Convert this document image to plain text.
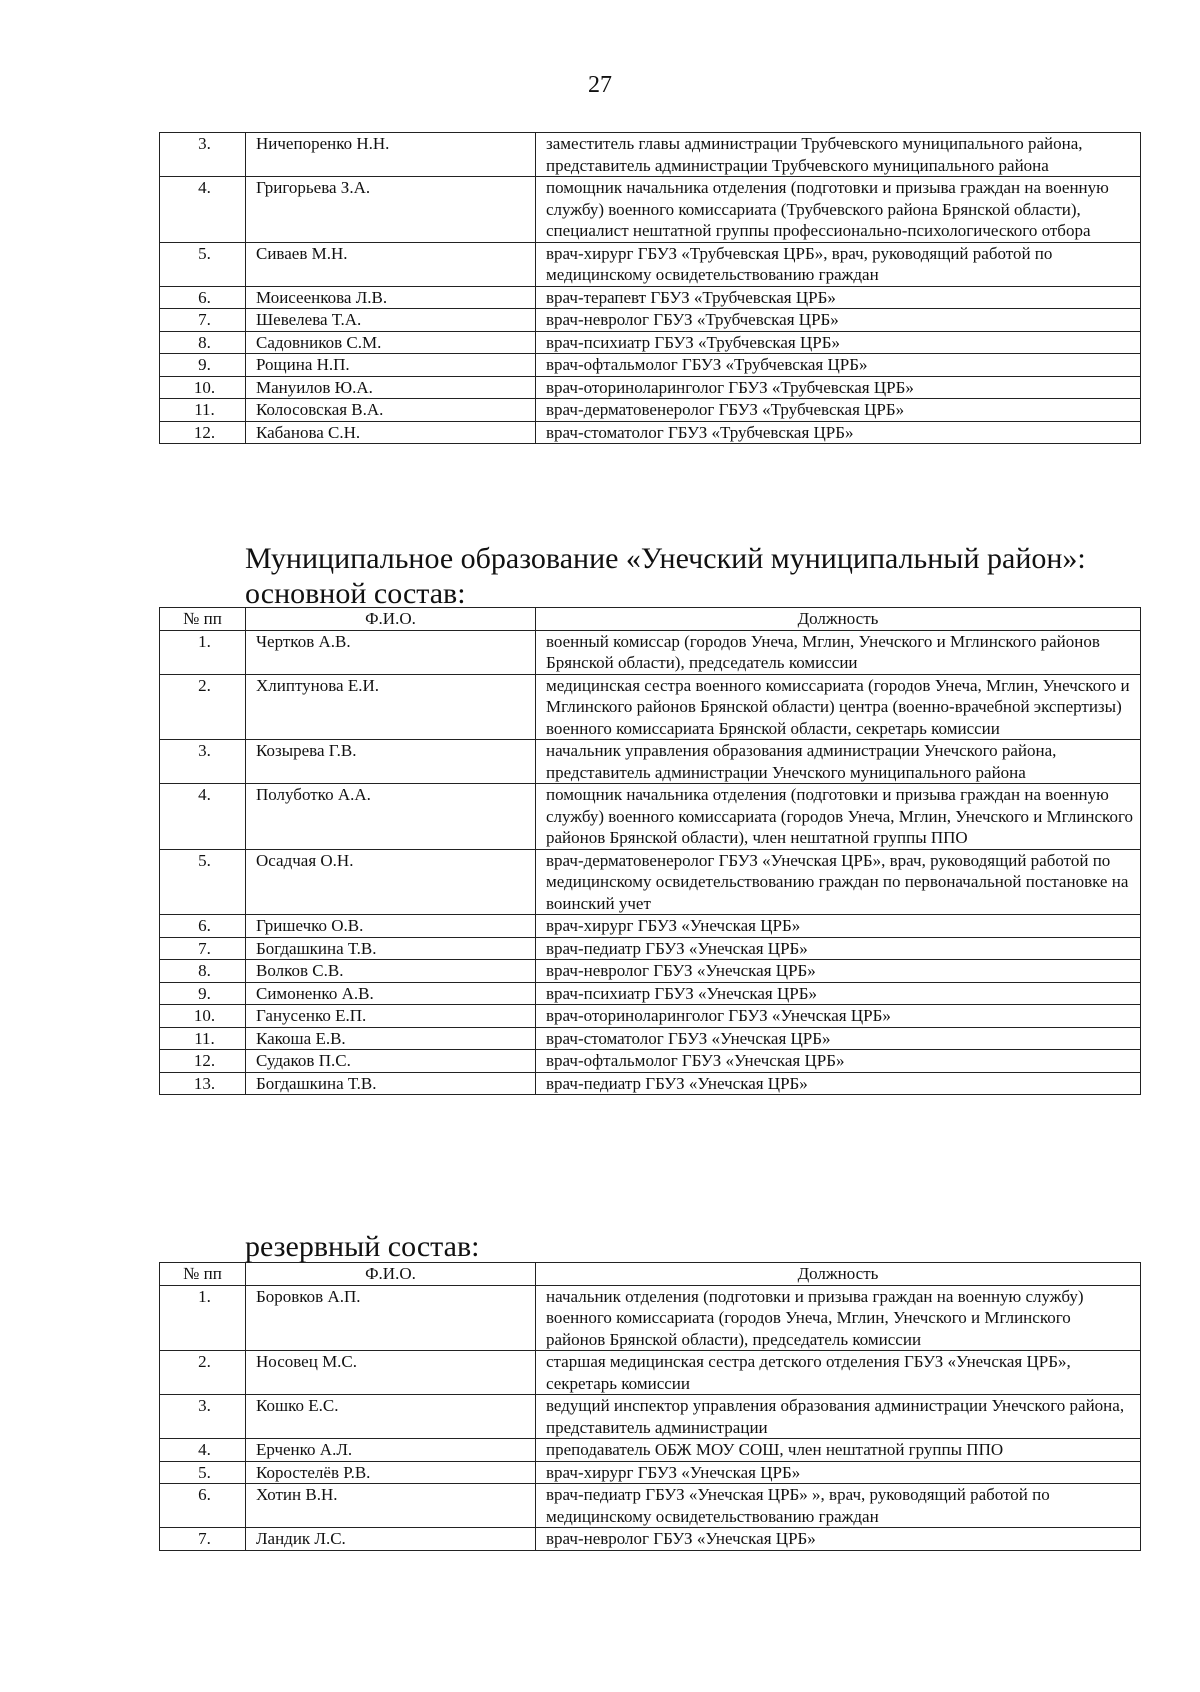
27
3.	Ничепоренко Н.Н.	заместитель главы администрации Трубчевского муниципального района, представитель администрации Трубчевского муниципального района
4.	Григорьева З.А.	помощник начальника отделения (подготовки и призыва граждан на военную службу) военного комиссариата (Трубчевского района Брянской области), специалист нештатной группы профессионально-психологического отбора
5.	Сиваев М.Н.	врач-хирург ГБУЗ «Трубчевская ЦРБ», врач, руководящий работой по медицинскому освидетельствованию граждан
6.	Моисеенкова Л.В.	врач-терапевт ГБУЗ «Трубчевская ЦРБ»
7.	Шевелева Т.А.	врач-невролог ГБУЗ «Трубчевская ЦРБ»
8.	Садовников С.М.	врач-психиатр ГБУЗ «Трубчевская ЦРБ»
9.	Рощина Н.П.	врач-офтальмолог ГБУЗ «Трубчевская ЦРБ»
10.	Мануилов Ю.А.	врач-оториноларинголог ГБУЗ «Трубчевская ЦРБ»
11.	Колосовская В.А.	врач-дерматовенеролог ГБУЗ «Трубчевская ЦРБ»
12.	Кабанова С.Н.	врач-стоматолог ГБУЗ «Трубчевская ЦРБ»
Муниципальное образование «Унечский муниципальный район»:
основной состав:
№ пп	Ф.И.О.	Должность
1.	Чертков А.В.	военный комиссар (городов Унеча, Мглин, Унечского и Мглинского районов Брянской области), председатель комиссии
2.	Хлиптунова Е.И.	медицинская сестра военного комиссариата (городов Унеча, Мглин, Унечского и Мглинского районов Брянской области) центра (военно-врачебной экспертизы) военного комиссариата Брянской области, секретарь комиссии
3.	Козырева Г.В.	начальник управления образования администрации Унечского района, представитель администрации Унечского муниципального района
4.	Полуботко А.А.	помощник начальника отделения (подготовки и призыва граждан на военную службу) военного комиссариата (городов Унеча, Мглин, Унечского и Мглинского районов Брянской области), член нештатной группы ППО
5.	Осадчая О.Н.	врач-дерматовенеролог ГБУЗ «Унечская ЦРБ», врач, руководящий работой по медицинскому освидетельствованию граждан по первоначальной постановке на воинский учет
6.	Гришечко О.В.	врач-хирург ГБУЗ «Унечская ЦРБ»
7.	Богдашкина Т.В.	врач-педиатр ГБУЗ «Унечская ЦРБ»
8.	Волков С.В.	врач-невролог ГБУЗ «Унечская ЦРБ»
9.	Симоненко А.В.	врач-психиатр ГБУЗ «Унечская ЦРБ»
10.	Ганусенко Е.П.	врач-оториноларинголог ГБУЗ «Унечская ЦРБ»
11.	Какоша Е.В.	врач-стоматолог ГБУЗ «Унечская ЦРБ»
12.	Судаков П.С.	врач-офтальмолог ГБУЗ «Унечская ЦРБ»
13.	Богдашкина Т.В.	врач-педиатр ГБУЗ «Унечская ЦРБ»
резервный состав:
№ пп	Ф.И.О.	Должность
1.	Боровков А.П.	начальник отделения (подготовки и призыва граждан на военную службу) военного комиссариата (городов Унеча, Мглин, Унечского и Мглинского районов Брянской области), председатель комиссии
2.	Носовец М.С.	старшая медицинская сестра детского отделения ГБУЗ «Унечская ЦРБ», секретарь комиссии
3.	Кошко Е.С.	ведущий инспектор управления образования администрации Унечского района, представитель администрации
4.	Ерченко А.Л.	преподаватель ОБЖ МОУ СОШ, член нештатной группы ППО
5.	Коростелёв Р.В.	врач-хирург ГБУЗ «Унечская ЦРБ»
6.	Хотин В.Н.	врач-педиатр ГБУЗ «Унечская ЦРБ» », врач, руководящий работой по медицинскому освидетельствованию граждан
7.	Ландик Л.С.	врач-невролог ГБУЗ «Унечская ЦРБ»
